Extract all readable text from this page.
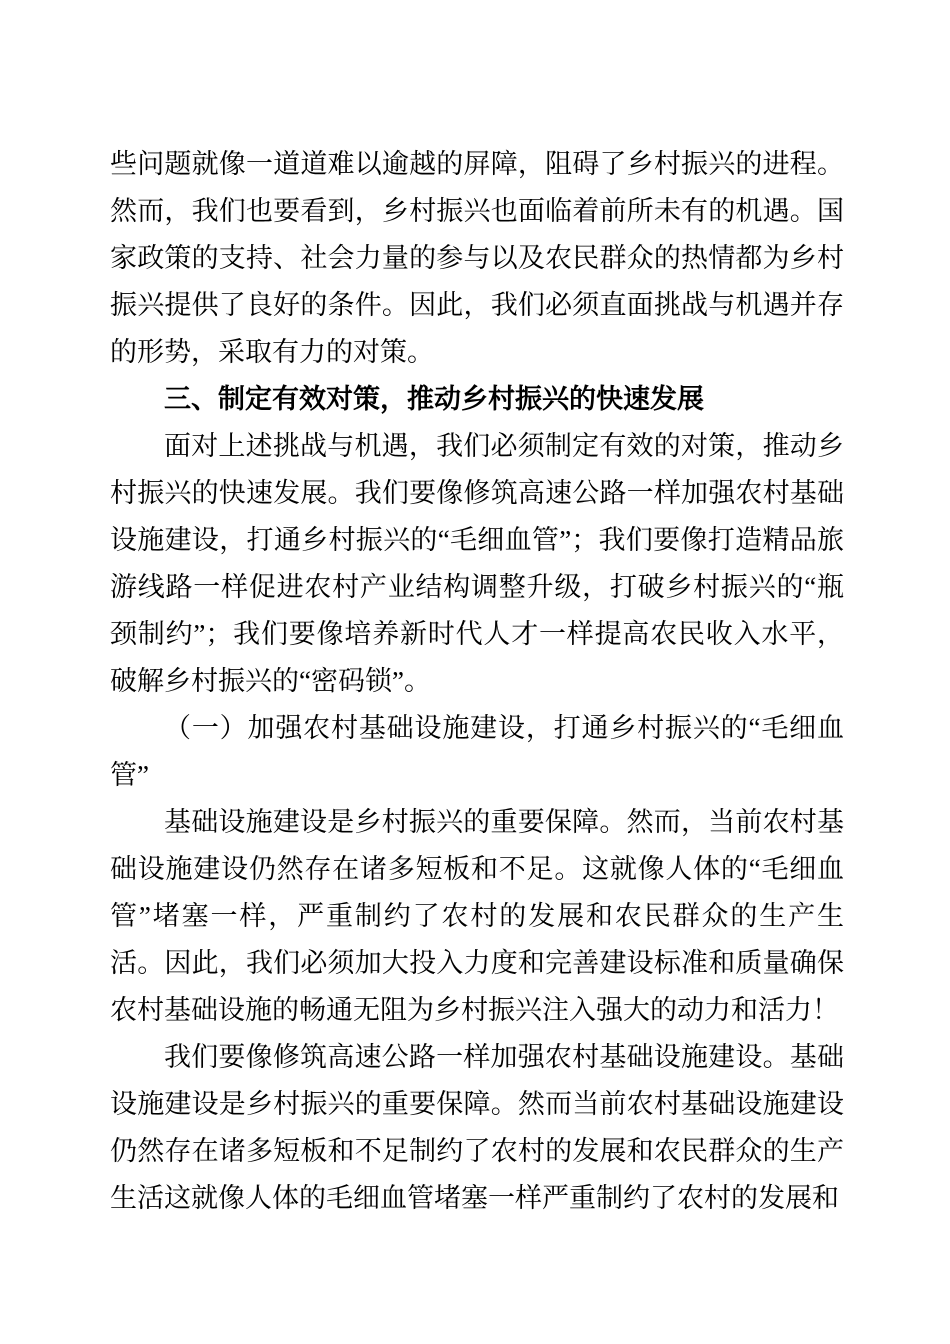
些问题就像一道道难以逾越的屏障，阻碍了乡村振兴的进程。然而，我们也要看到，乡村振兴也面临着前所未有的机遇。国家政策的支持、社会力量的参与以及农民群众的热情都为乡村振兴提供了良好的条件。因此，我们必须直面挑战与机遇并存的形势，采取有力的对策。

三、制定有效对策，推动乡村振兴的快速发展

面对上述挑战与机遇，我们必须制定有效的对策，推动乡村振兴的快速发展。我们要像修筑高速公路一样加强农村基础设施建设，打通乡村振兴的“毛细血管”；我们要像打造精品旅游线路一样促进农村产业结构调整升级，打破乡村振兴的“瓶颈制约”；我们要像培养新时代人才一样提高农民收入水平，破解乡村振兴的“密码锁”。

（一）加强农村基础设施建设，打通乡村振兴的“毛细血管”

基础设施建设是乡村振兴的重要保障。然而，当前农村基础设施建设仍然存在诸多短板和不足。这就像人体的“毛细血管”堵塞一样，严重制约了农村的发展和农民群众的生产生活。因此，我们必须加大投入力度和完善建设标准和质量确保农村基础设施的畅通无阻为乡村振兴注入强大的动力和活力！

我们要像修筑高速公路一样加强农村基础设施建设。基础设施建设是乡村振兴的重要保障。然而当前农村基础设施建设仍然存在诸多短板和不足制约了农村的发展和农民群众的生产生活这就像人体的毛细血管堵塞一样严重制约了农村的发展和
